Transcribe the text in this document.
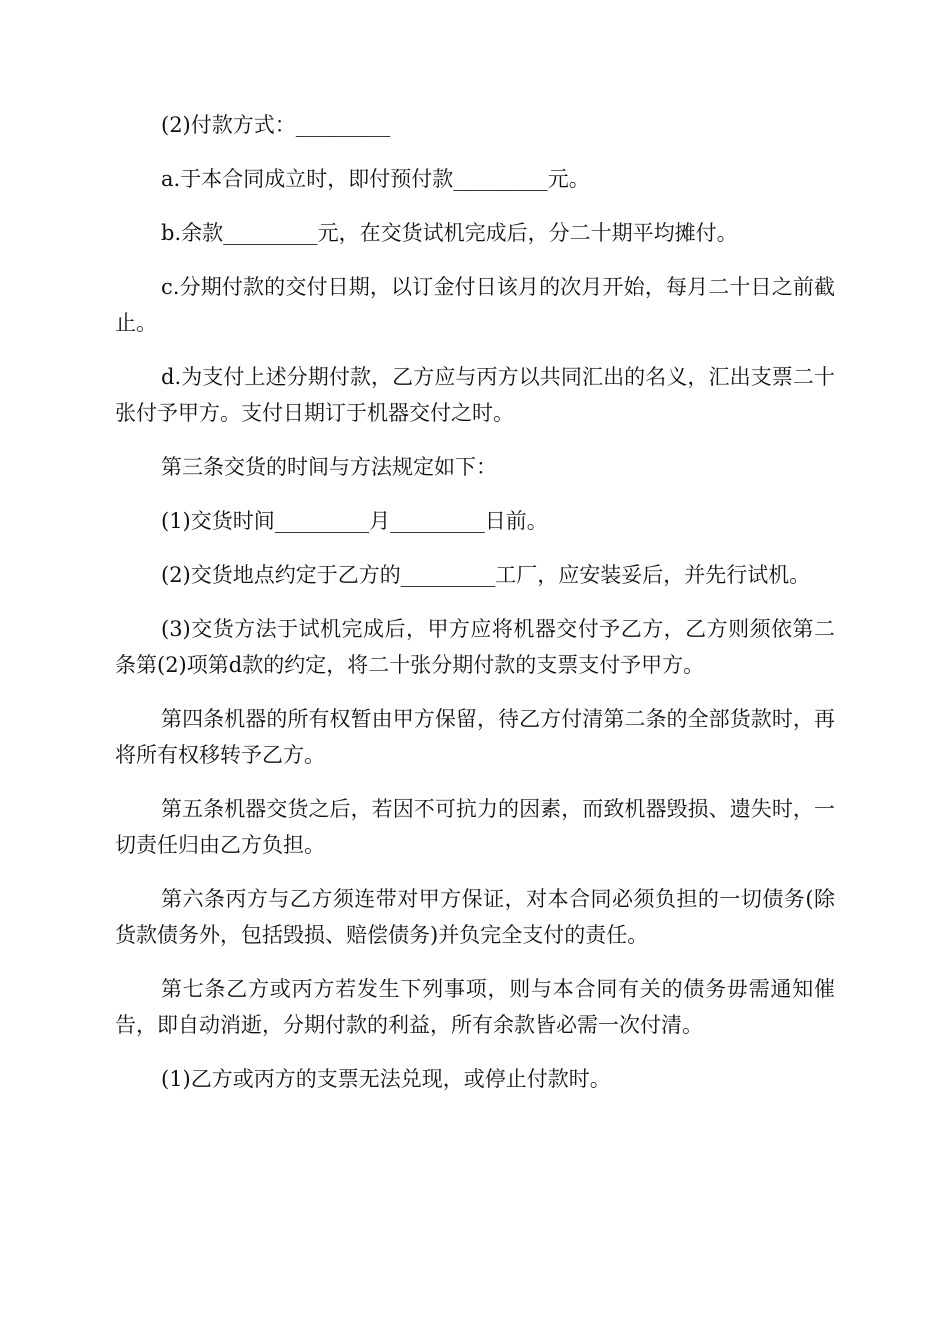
(2)付款方式：_________

a.于本合同成立时，即付预付款_________元。

b.余款_________元，在交货试机完成后，分二十期平均摊付。

c.分期付款的交付日期，以订金付日该月的次月开始，每月二十日之前截止。

d.为支付上述分期付款，乙方应与丙方以共同汇出的名义，汇出支票二十张付予甲方。支付日期订于机器交付之时。

第三条交货的时间与方法规定如下：

(1)交货时间_________月_________日前。

(2)交货地点约定于乙方的_________工厂，应安装妥后，并先行试机。

(3)交货方法于试机完成后，甲方应将机器交付予乙方，乙方则须依第二条第(2)项第d款的约定，将二十张分期付款的支票支付予甲方。

第四条机器的所有权暂由甲方保留，待乙方付清第二条的全部货款时，再将所有权移转予乙方。

第五条机器交货之后，若因不可抗力的因素，而致机器毁损、遗失时，一切责任归由乙方负担。

第六条丙方与乙方须连带对甲方保证，对本合同必须负担的一切债务(除货款债务外，包括毁损、赔偿债务)并负完全支付的责任。

第七条乙方或丙方若发生下列事项，则与本合同有关的债务毋需通知催告，即自动消逝，分期付款的利益，所有余款皆必需一次付清。

(1)乙方或丙方的支票无法兑现，或停止付款时。
